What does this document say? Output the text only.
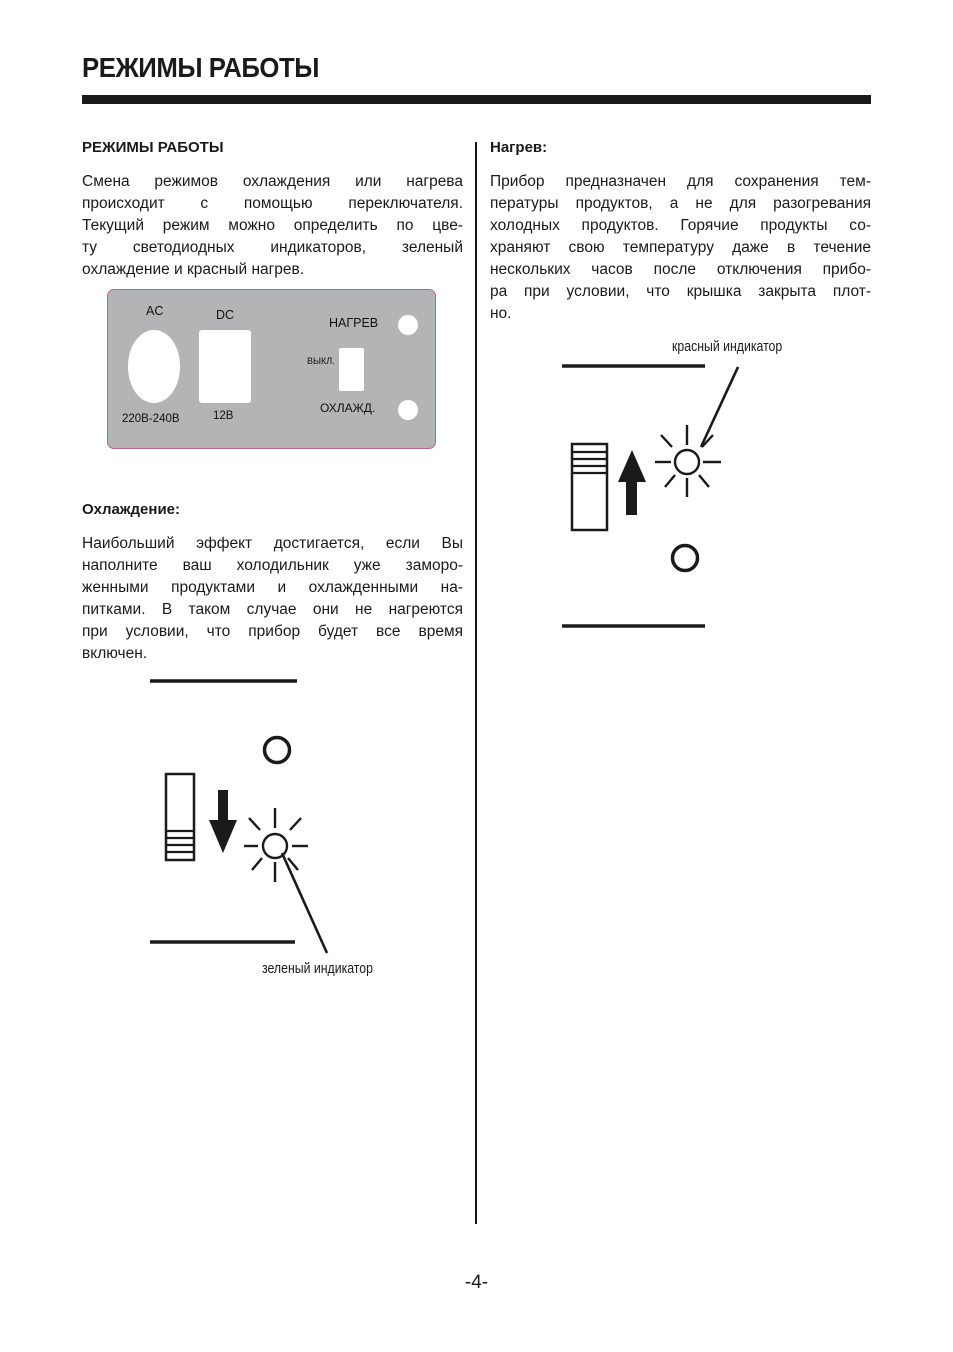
РЕЖИМЫ РАБОТЫ
РЕЖИМЫ РАБОТЫ
Смена режимов охлаждения или нагрева
происходит с помощью переключателя.
Текущий режим можно определить по цве-
ту светодиодных индикаторов, зеленый
охлаждение и красный нагрев.
AC	DC
220В-240В	12В
НАГРЕВ
ВЫКЛ.
ОХЛАЖД.
Охлаждение:
Наибольший эффект достигается, если Вы
наполните ваш холодильник уже заморо-
женными продуктами и охлажденными на-
питками. В таком случае они не нагреются
при условии, что прибор будет все время
включен.
зеленый индикатор
Нагрев:
Прибор предназначен для сохранения тем-
пературы продуктов, а не для разогревания
холодных продуктов. Горячие продукты со-
храняют свою температуру даже в течение
нескольких часов после отключения прибо-
ра при условии, что крышка закрыта плот-
но.
красный индикатор
-4-
